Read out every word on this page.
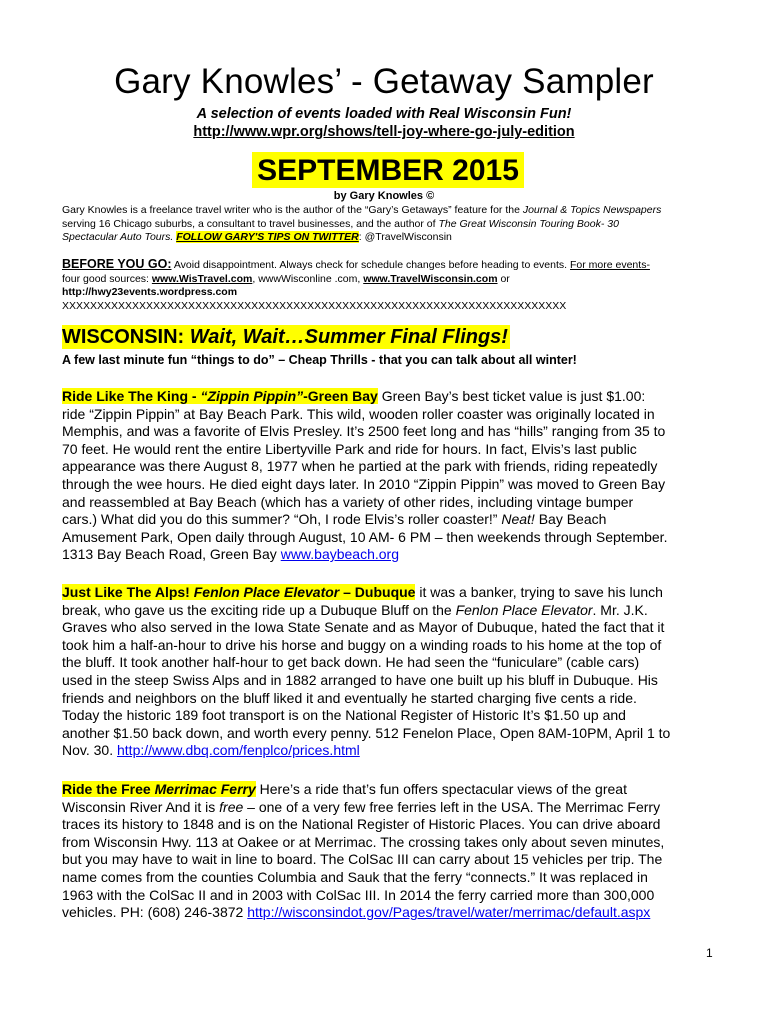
Gary Knowles’ - Getaway Sampler
A selection of events loaded with Real Wisconsin Fun!
http://www.wpr.org/shows/tell-joy-where-go-july-edition
SEPTEMBER 2015
by Gary Knowles ©
Gary Knowles is a freelance travel writer who is the author of the “Gary’s Getaways” feature for the Journal & Topics Newspapers
serving 16 Chicago suburbs, a consultant to travel businesses, and the author of The Great Wisconsin Touring Book- 30
Spectacular Auto Tours. FOLLOW GARY'S TIPS ON TWITTER: @TravelWisconsin
BEFORE YOU GO: Avoid disappointment. Always check for schedule changes before heading to events. For more events-
four good sources: www.WisTravel.com, wwwWisconline .com, www.TravelWisconsin.com or
http://hwy23events.wordpress.com
XXXXXXXXXXXXXXXXXXXXXXXXXXXXXXXXXXXXXXXXXXXXXXXXXXXXXXXXXXXXXXXXXXXXXXXX
WISCONSIN: Wait, Wait…Summer Final Flings!
A few last minute fun “things to do” – Cheap Thrills - that you can talk about all winter!
Ride Like The King - “Zippin Pippin”-Green Bay Green Bay’s best ticket value is just $1.00:
ride “Zippin Pippin” at Bay Beach Park. This wild, wooden roller coaster was originally located in
Memphis, and was a favorite of Elvis Presley. It’s 2500 feet long and has “hills” ranging from 35 to
70 feet. He would rent the entire Libertyville Park and ride for hours. In fact, Elvis’s last public
appearance was there August 8, 1977 when he partied at the park with friends, riding repeatedly
through the wee hours. He died eight days later. In 2010 “Zippin Pippin” was moved to Green Bay
and reassembled at Bay Beach (which has a variety of other rides, including vintage bumper
cars.) What did you do this summer? “Oh, I rode Elvis’s roller coaster!” Neat! Bay Beach
Amusement Park, Open daily through August, 10 AM- 6 PM – then weekends through September.
1313 Bay Beach Road, Green Bay www.baybeach.org
Just Like The Alps! Fenlon Place Elevator – Dubuque it was a banker, trying to save his lunch
break, who gave us the exciting ride up a Dubuque Bluff on the Fenlon Place Elevator. Mr. J.K.
Graves who also served in the Iowa State Senate and as Mayor of Dubuque, hated the fact that it
took him a half-an-hour to drive his horse and buggy on a winding roads to his home at the top of
the bluff. It took another half-hour to get back down. He had seen the “funiculare” (cable cars)
used in the steep Swiss Alps and in 1882 arranged to have one built up his bluff in Dubuque. His
friends and neighbors on the bluff liked it and eventually he started charging five cents a ride.
Today the historic 189 foot transport is on the National Register of Historic It’s $1.50 up and
another $1.50 back down, and worth every penny. 512 Fenelon Place, Open 8AM-10PM, April 1 to
Nov. 30. http://www.dbq.com/fenplco/prices.html
Ride the Free Merrimac Ferry Here’s a ride that’s fun offers spectacular views of the great
Wisconsin River And it is free – one of a very few free ferries left in the USA. The Merrimac Ferry
traces its history to 1848 and is on the National Register of Historic Places. You can drive aboard
from Wisconsin Hwy. 113 at Oakee or at Merrimac. The crossing takes only about seven minutes,
but you may have to wait in line to board. The ColSac III can carry about 15 vehicles per trip. The
name comes from the counties Columbia and Sauk that the ferry “connects.” It was replaced in
1963 with the ColSac II and in 2003 with ColSac III. In 2014 the ferry carried more than 300,000
vehicles. PH: (608) 246-3872 http://wisconsindot.gov/Pages/travel/water/merrimac/default.aspx
1
